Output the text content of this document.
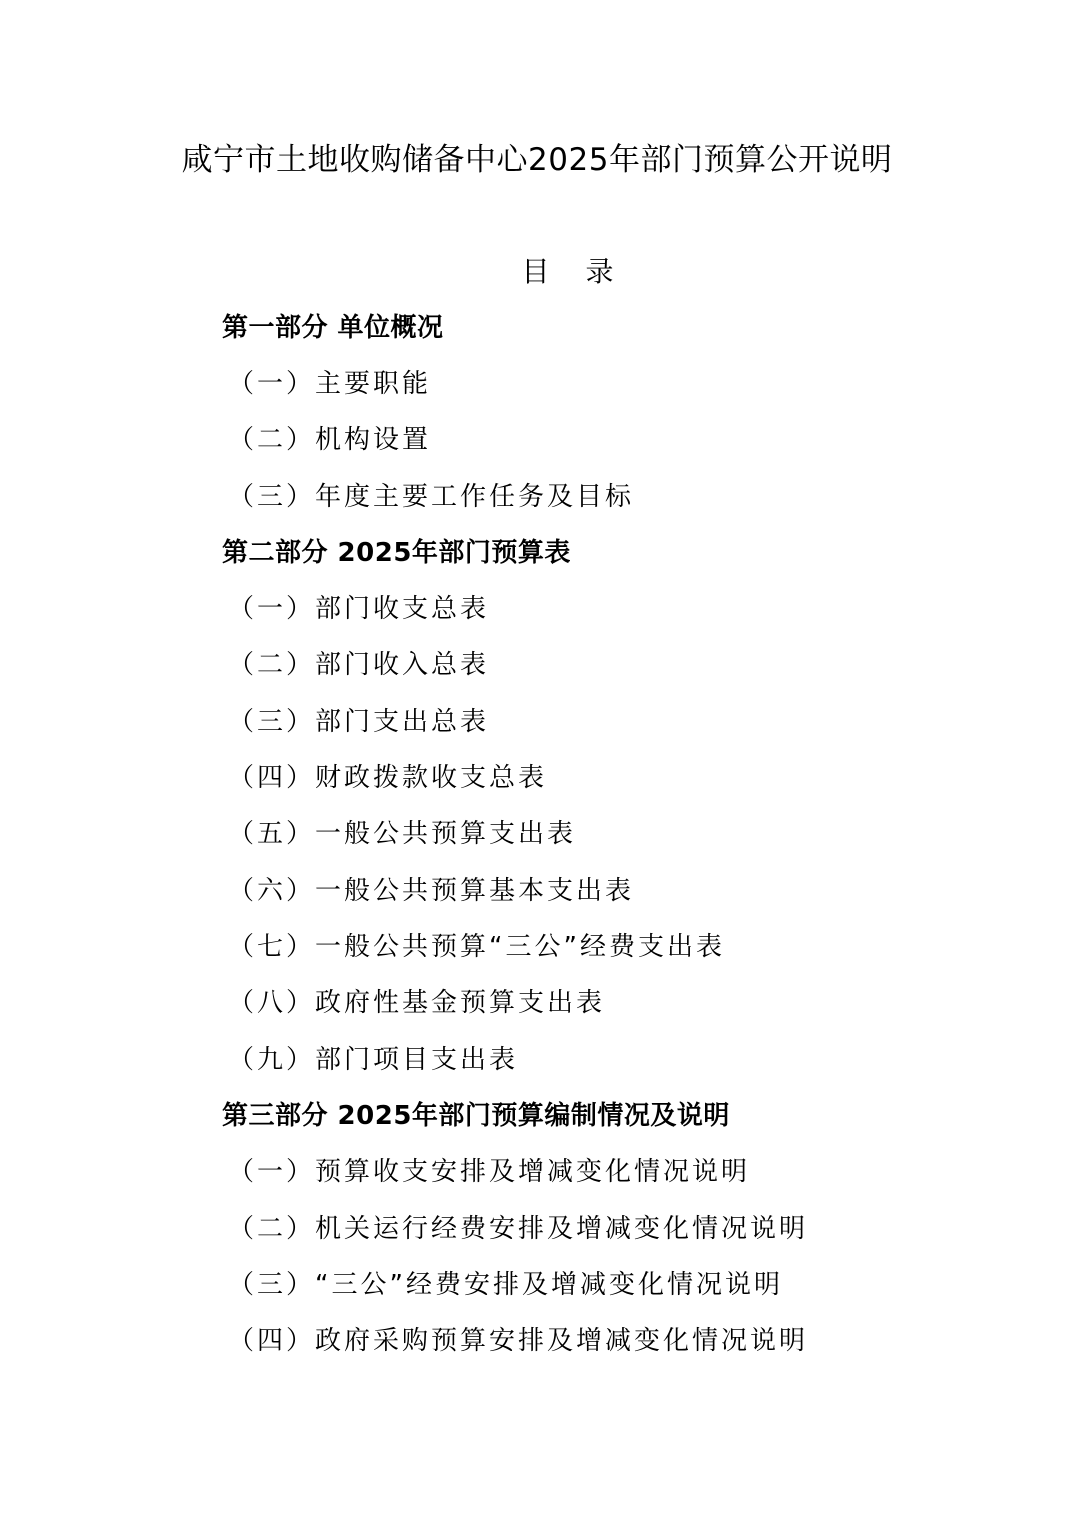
咸宁市土地收购储备中心2025年部门预算公开说明
目 录
第一部分 单位概况
（一）主要职能
（二）机构设置
（三）年度主要工作任务及目标
第二部分 2025年部门预算表
（一）部门收支总表
（二）部门收入总表
（三）部门支出总表
（四）财政拨款收支总表
（五）一般公共预算支出表
（六）一般公共预算基本支出表
（七）一般公共预算“三公”经费支出表
（八）政府性基金预算支出表
（九）部门项目支出表
第三部分 2025年部门预算编制情况及说明
（一）预算收支安排及增减变化情况说明
（二）机关运行经费安排及增减变化情况说明
（三）“三公”经费安排及增减变化情况说明
（四）政府采购预算安排及增减变化情况说明
